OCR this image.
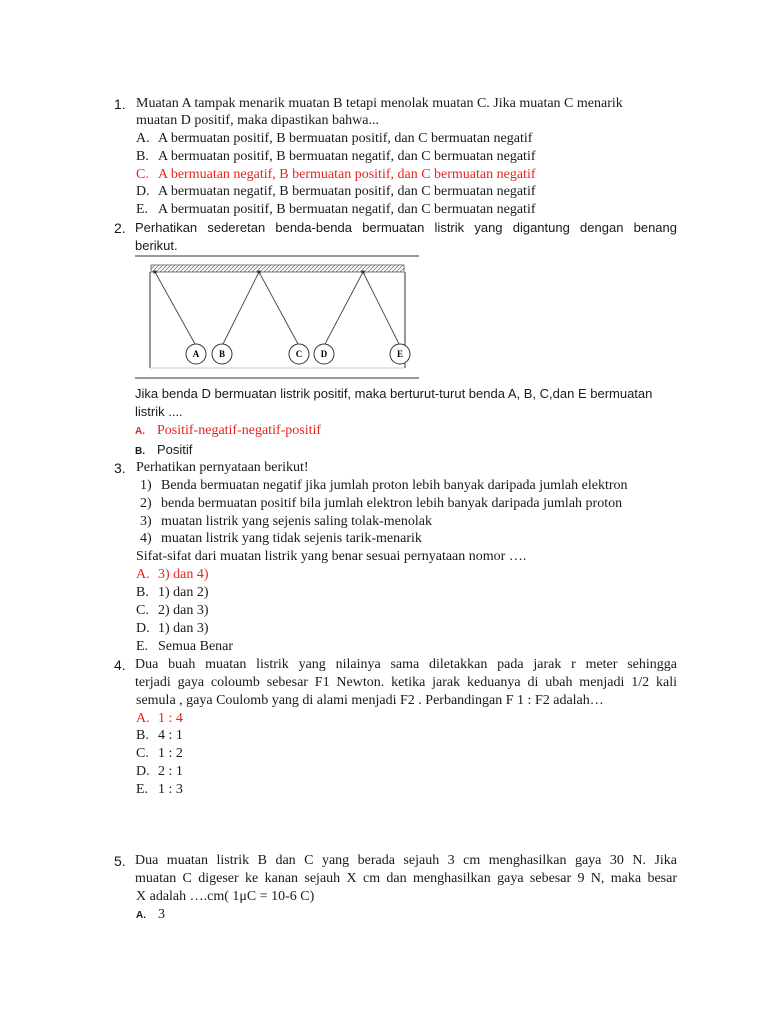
1. Muatan A tampak menarik muatan B tetapi menolak muatan C. Jika muatan C menarik
muatan D positif, maka dipastikan bahwa...
A. A bermuatan positif, B bermuatan positif, dan C bermuatan negatif
B. A bermuatan positif, B bermuatan negatif, dan C bermuatan negatif
C. A bermuatan negatif, B bermuatan positif, dan C bermuatan negatif
D. A bermuatan negatif, B bermuatan positif, dan C bermuatan negatif
E. A bermuatan positif, B bermuatan negatif, dan C bermuatan negatif
2. Perhatikan sederetan benda-benda bermuatan listrik yang digantung dengan benang
berikut.
A B	C D	E
Jika benda D bermuatan listrik positif, maka berturut-turut benda A, B, C,dan E bermuatan
listrik ....
A. Positif-negatif-negatif-positif
B. Positif
3. Perhatikan pernyataan berikut!
1) Benda bermuatan negatif jika jumlah proton lebih banyak daripada jumlah elektron
2) benda bermuatan positif bila jumlah elektron lebih banyak daripada jumlah proton
3) muatan listrik yang sejenis saling tolak-menolak
4) muatan listrik yang tidak sejenis tarik-menarik
Sifat-sifat dari muatan listrik yang benar sesuai pernyataan nomor ….
A. 3) dan 4)
B. 1) dan 2)
C. 2) dan 3)
D. 1) dan 3)
E. Semua Benar
4. Dua buah muatan listrik yang nilainya sama diletakkan pada jarak r meter sehingga
terjadi gaya coloumb sebesar F1 Newton. ketika jarak keduanya di ubah menjadi 1/2 kali
semula , gaya Coulomb yang di alami menjadi F2 . Perbandingan F 1 : F2 adalah…
A. 1 : 4
B. 4 : 1
C. 1 : 2
D. 2 : 1
E. 1 : 3
5. Dua muatan listrik B dan C yang berada sejauh 3 cm menghasilkan gaya 30 N. Jika
muatan C digeser ke kanan sejauh X cm dan menghasilkan gaya sebesar 9 N, maka besar
X adalah ….cm( 1μC = 10-6 C)
A. 3
